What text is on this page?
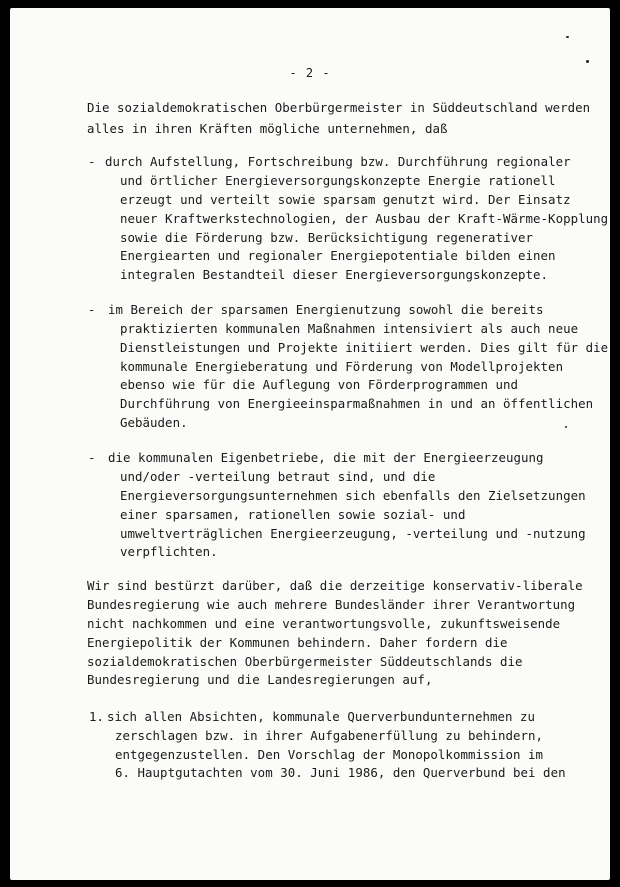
- 2 -
Die sozialdemokratischen Oberbürgermeister in Süddeutschland werden
alles in ihren Kräften mögliche unternehmen, daß
- durch Aufstellung, Fortschreibung bzw. Durchführung regionaler
und örtlicher Energieversorgungskonzepte Energie rationell
erzeugt und verteilt sowie sparsam genutzt wird. Der Einsatz
neuer Kraftwerkstechnologien, der Ausbau der Kraft-Wärme-Kopplung
sowie die Förderung bzw. Berücksichtigung regenerativer
Energiearten und regionaler Energiepotentiale bilden einen
integralen Bestandteil dieser Energieversorgungskonzepte.
- im Bereich der sparsamen Energienutzung sowohl die bereits
praktizierten kommunalen Maßnahmen intensiviert als auch neue
Dienstleistungen und Projekte initiiert werden. Dies gilt für die
kommunale Energieberatung und Förderung von Modellprojekten
ebenso wie für die Auflegung von Förderprogrammen und
Durchführung von Energieeinsparmaßnahmen in und an öffentlichen
Gebäuden.
- die kommunalen Eigenbetriebe, die mit der Energieerzeugung
und/oder -verteilung betraut sind, und die
Energieversorgungsunternehmen sich ebenfalls den Zielsetzungen
einer sparsamen, rationellen sowie sozial- und
umweltverträglichen Energieerzeugung, -verteilung und -nutzung
verpflichten.
Wir sind bestürzt darüber, daß die derzeitige konservativ-liberale
Bundesregierung wie auch mehrere Bundesländer ihrer Verantwortung
nicht nachkommen und eine verantwortungsvolle, zukunftsweisende
Energiepolitik der Kommunen behindern. Daher fordern die
sozialdemokratischen Oberbürgermeister Süddeutschlands die
Bundesregierung und die Landesregierungen auf,
1. sich allen Absichten, kommunale Querverbundunternehmen zu
zerschlagen bzw. in ihrer Aufgabenerfüllung zu behindern,
entgegenzustellen. Den Vorschlag der Monopolkommission im
6. Hauptgutachten vom 30. Juni 1986, den Querverbund bei den
